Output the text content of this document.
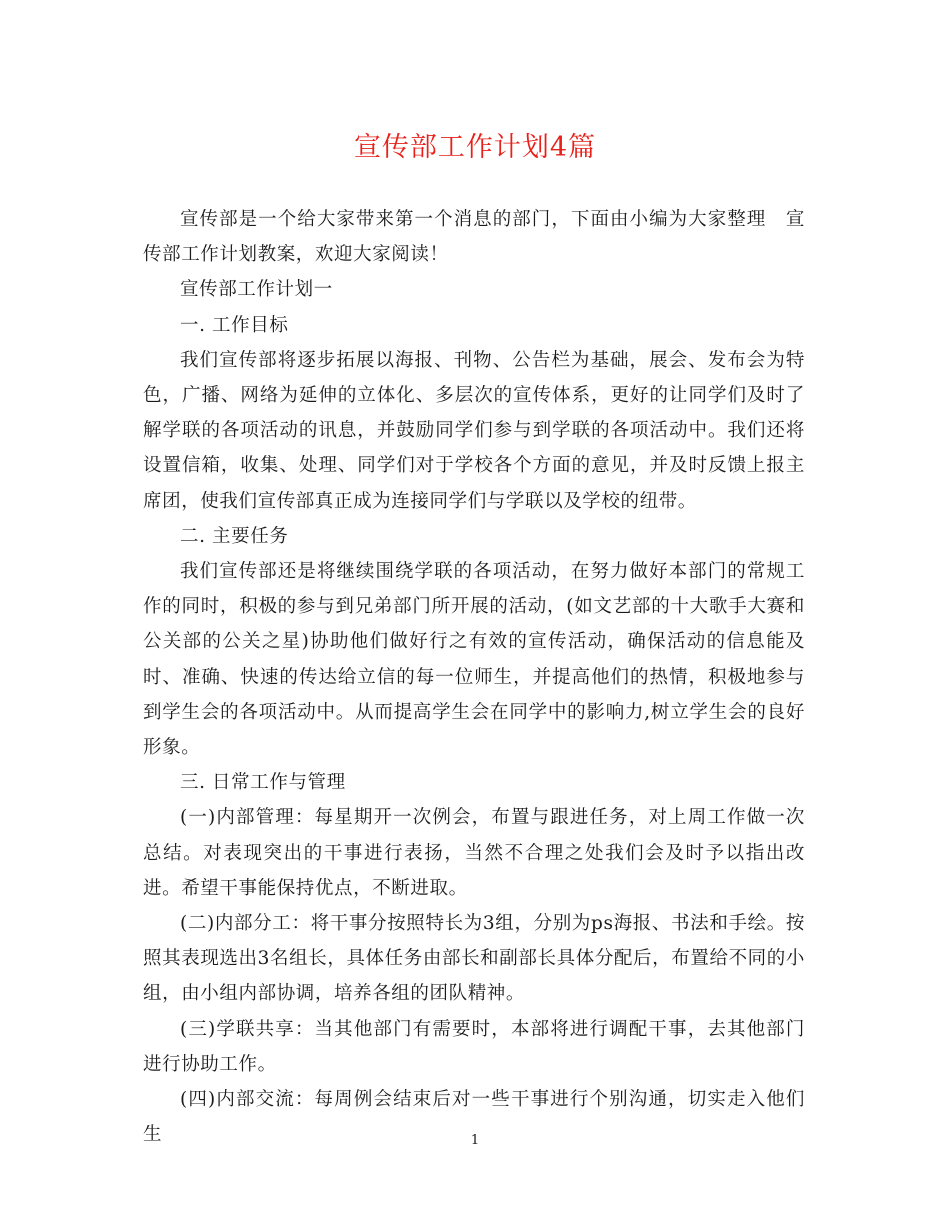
宣传部工作计划4篇

宣传部是一个给大家带来第一个消息的部门，下面由小编为大家整理　宣传部工作计划教案，欢迎大家阅读！

宣传部工作计划一

一. 工作目标

我们宣传部将逐步拓展以海报、刊物、公告栏为基础，展会、发布会为特色，广播、网络为延伸的立体化、多层次的宣传体系，更好的让同学们及时了解学联的各项活动的讯息，并鼓励同学们参与到学联的各项活动中。我们还将设置信箱，收集、处理、同学们对于学校各个方面的意见，并及时反馈上报主席团，使我们宣传部真正成为连接同学们与学联以及学校的纽带。

二. 主要任务

我们宣传部还是将继续围绕学联的各项活动，在努力做好本部门的常规工作的同时，积极的参与到兄弟部门所开展的活动，(如文艺部的十大歌手大赛和公关部的公关之星)协助他们做好行之有效的宣传活动，确保活动的信息能及时、准确、快速的传达给立信的每一位师生，并提高他们的热情，积极地参与到学生会的各项活动中。从而提高学生会在同学中的影响力,树立学生会的良好形象。

三. 日常工作与管理

(一)内部管理：每星期开一次例会，布置与跟进任务，对上周工作做一次总结。对表现突出的干事进行表扬，当然不合理之处我们会及时予以指出改进。希望干事能保持优点，不断进取。

(二)内部分工：将干事分按照特长为3组，分别为ps海报、书法和手绘。按照其表现选出3名组长，具体任务由部长和副部长具体分配后，布置给不同的小组，由小组内部协调，培养各组的团队精神。

(三)学联共享：当其他部门有需要时，本部将进行调配干事，去其他部门进行协助工作。

(四)内部交流：每周例会结束后对一些干事进行个别沟通，切实走入他们生	1
